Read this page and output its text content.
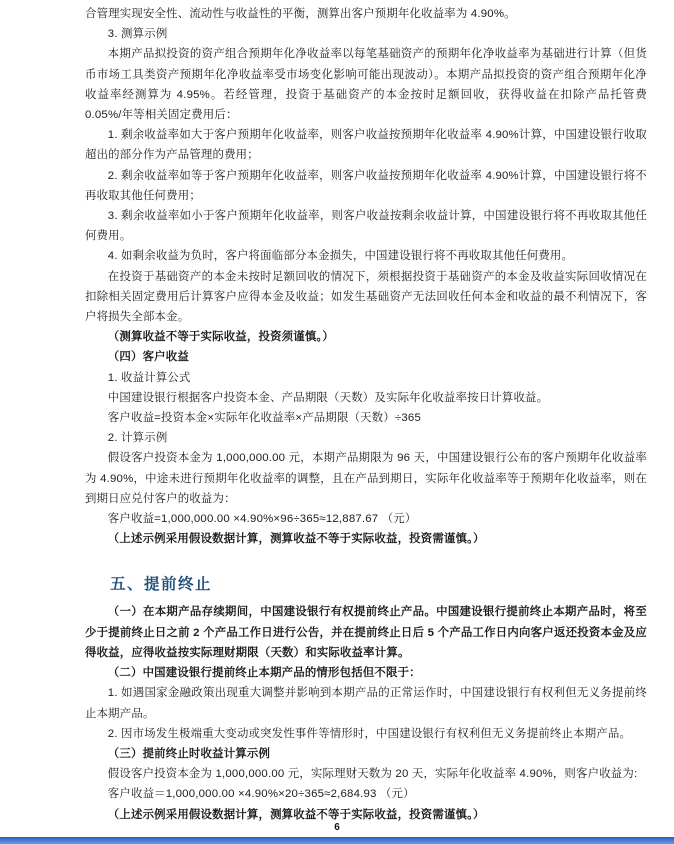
合管理实现安全性、流动性与收益性的平衡，测算出客户预期年化收益率为 4.90%。

3. 测算示例

本期产品拟投资的资产组合预期年化净收益率以每笔基础资产的预期年化净收益率为基础进行计算（但货币市场工具类资产预期年化净收益率受市场变化影响可能出现波动）。本期产品拟投资的资产组合预期年化净收益率经测算为 4.95%。若经管理，投资于基础资产的本金按时足额回收，获得收益在扣除产品托管费 0.05%/年等相关固定费用后：

1. 剩余收益率如大于客户预期年化收益率，则客户收益按预期年化收益率 4.90%计算，中国建设银行收取超出的部分作为产品管理的费用；

2. 剩余收益率如等于客户预期年化收益率，则客户收益按预期年化收益率 4.90%计算，中国建设银行将不再收取其他任何费用；

3. 剩余收益率如小于客户预期年化收益率，则客户收益按剩余收益计算，中国建设银行将不再收取其他任何费用。

4. 如剩余收益为负时，客户将面临部分本金损失，中国建设银行将不再收取其他任何费用。

在投资于基础资产的本金未按时足额回收的情况下，须根据投资于基础资产的本金及收益实际回收情况在扣除相关固定费用后计算客户应得本金及收益；如发生基础资产无法回收任何本金和收益的最不利情况下，客户将损失全部本金。

（测算收益不等于实际收益，投资须谨慎。）

（四）客户收益

1. 收益计算公式

中国建设银行根据客户投资本金、产品期限（天数）及实际年化收益率按日计算收益。

客户收益=投资本金×实际年化收益率×产品期限（天数）÷365

2. 计算示例

假设客户投资本金为 1,000,000.00 元，本期产品期限为 96 天，中国建设银行公布的客户预期年化收益率为 4.90%，中途未进行预期年化收益率的调整，且在产品到期日，实际年化收益率等于预期年化收益率，则在到期日应兑付客户的收益为：

客户收益=1,000,000.00 ×4.90%×96÷365≈12,887.67 （元）

（上述示例采用假设数据计算，测算收益不等于实际收益，投资需谨慎。）

五、提前终止

（一）在本期产品存续期间，中国建设银行有权提前终止产品。中国建设银行提前终止本期产品时，将至少于提前终止日之前 2 个产品工作日进行公告，并在提前终止日后 5 个产品工作日内向客户返还投资本金及应得收益，应得收益按实际理财期限（天数）和实际收益率计算。

（二）中国建设银行提前终止本期产品的情形包括但不限于：

1. 如遇国家金融政策出现重大调整并影响到本期产品的正常运作时，中国建设银行有权利但无义务提前终止本期产品。

2. 因市场发生极端重大变动或突发性事件等情形时，中国建设银行有权利但无义务提前终止本期产品。

（三）提前终止时收益计算示例

假设客户投资本金为 1,000,000.00 元，实际理财天数为 20 天，实际年化收益率 4.90%，则客户收益为:

客户收益＝1,000,000.00 ×4.90%×20÷365≈2,684.93 （元）

（上述示例采用假设数据计算，测算收益不等于实际收益，投资需谨慎。）

6
